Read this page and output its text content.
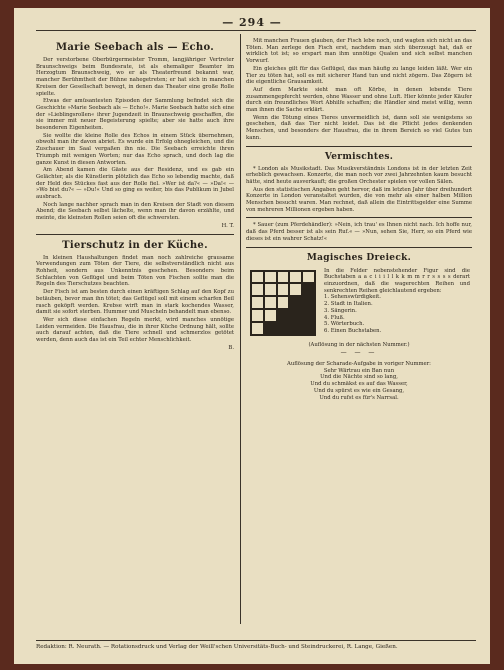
— 294 —
Marie Seebach als — Echo.

Der verstorbene Oberbürgermeister Tromm, langjähriger Vertreter Braunschweigs beim Bundesrate, ist als ehemaliger Beamter im Herzogtum Braunschweig, wo er als Theaterfreund bekannt war, mancher Berühmtheit der Bühne nahegetreten; er hat sich in manchen Kreisen der Gesellschaft bewegt, in denen das Theater eine große Rolle spielte.

Etwas der amüsantesten Episoden der Sammlung befindet sich die Geschichte »Marie Seebach als — Echo!«. Marie Seebach hatte sich eine der »Lieblingsrollen« ihrer Jugendzeit in Braunschweig geschaffen, die sie immer mit neuer Begeisterung spielte; aber sie hatte auch ihre besonderen Eigenheiten.

Sie wollte die kleine Rolle des Echos in einem Stück übernehmen, obwohl man ihr davon abriet. Es wurde ein Erfolg ohnegleichen, und die Zuschauer im Saal vergaßen ihn nie. Die Seebach erreichte ihren Triumph mit wenigen Worten; nur das Echo sprach, und doch lag die ganze Kunst in diesen Antworten.

Am Abend kamen die Gäste aus der Residenz, und es gab ein Gelächter, als die Künstlerin plötzlich das Echo so lebendig machte, daß der Held des Stückes fast aus der Rolle fiel. »Wer ist da?« — »Da!« — »Wo bist du?« — »Du!« Und so ging es weiter, bis das Publikum in Jubel ausbrach.

Noch lange nachher sprach man in den Kreisen der Stadt von diesem Abend; die Seebach selbst lächelte, wenn man ihr davon erzählte, und meinte, die kleinsten Rollen seien oft die schwersten.

H. T.
Tierschutz in der Küche.

In kleinen Haushaltungen findet man noch zahlreiche grausame Verwendungen zum Töten der Tiere, die selbstverständlich nicht aus Rohheit, sondern aus Unkenntnis geschehen. Besonders beim Schlachten von Geflügel und beim Töten von Fischen sollte man die Regeln des Tierschutzes beachten.

Der Fisch ist am besten durch einen kräftigen Schlag auf den Kopf zu betäuben, bevor man ihn tötet; das Geflügel soll mit einem scharfen Beil rasch geköpft werden. Krebse wirft man in stark kochendes Wasser, damit sie sofort sterben. Hummer und Muscheln behandelt man ebenso.

Wer sich diese einfachen Regeln merkt, wird manches unnötige Leiden vermeiden. Die Hausfrau, die in ihrer Küche Ordnung hält, sollte auch darauf achten, daß die Tiere schnell und schmerzlos getötet werden, denn auch das ist ein Teil echter Menschlichkeit.

B.

Mit manchen Frauen glauben, der Fisch lebe noch, und wagten sich nicht an das Töten. Man zerlege den Fisch erst, nachdem man sich überzeugt hat, daß er wirklich tot ist; so erspart man ihm unnötige Qualen und sich selbst manchen Vorwurf.

Ein gleiches gilt für das Geflügel, das man häufig zu lange leiden läßt. Wer ein Tier zu töten hat, soll es mit sicherer Hand tun und nicht zögern. Das Zögern ist die eigentliche Grausamkeit.

Auf dem Markte sieht man oft Körbe, in denen lebende Tiere zusammengepfercht werden, ohne Wasser und ohne Luft. Hier könnte jeder Käufer durch ein freundliches Wort Abhilfe schaffen; die Händler sind meist willig, wenn man ihnen die Sache erklärt.

Wenn die Tötung eines Tieres unvermeidlich ist, dann soll sie wenigstens so geschehen, daß das Tier nicht leidet. Das ist die Pflicht jedes denkenden Menschen, und besonders der Hausfrau, die in ihrem Bereich so viel Gutes tun kann.

Vermischtes.

* London als Musikstadt. Das Musikverständnis Londons ist in der letzten Zeit erheblich gewachsen. Konzerte, die man noch vor zwei Jahrzehnten kaum besucht hätte, sind heute ausverkauft; die großen Orchester spielen vor vollen Sälen.

Aus den statistischen Angaben geht hervor, daß im letzten Jahr über dreihundert Konzerte in London veranstaltet wurden, die von mehr als einer halben Million Menschen besucht waren. Man rechnet, daß allein die Eintrittsgelder eine Summe von mehreren Millionen ergeben haben.

* Sauer (zum Pferdehändler): »Nein, ich trau' es Ihnen nicht nach. Ich hoffe nur, daß das Pferd besser ist als sein Ruf.« — »Nun, sehen Sie, Herr, so ein Pferd wie dieses ist ein wahrer Schatz!«

Magisches Dreieck.
In die Felder nebenstehender Figur sind die Buchstaben a a c i i i l l k k m m r r s s s s derart einzuordnen, daß die wagerechten Reihen und senkrechten Reihen gleichlautend ergeben:
1. Sehenswürdigkeit.
2. Stadt in Italien.
3. Sängerin.
4. Fluß.
5. Wörterbuch.
6. Einen Buchstaben.
(Auflösung in der nächsten Nummer.)
— — —
Auflösung der Scharade-Aufgabe in voriger Nummer:
Sehr Wärtrau ein Ban nun
Und die Nächte sind so lang,
Und du schmäkst es auf das Wasser,
Und du spürst es wie ein Gesang,
Und du rufst es für's Narrsal.
Redaktion: R. Neurath. — Rotationsdruck und Verlag der Weill'schen Universitäts-Buch- und Steindruckerei, R. Lange, Gießen.
